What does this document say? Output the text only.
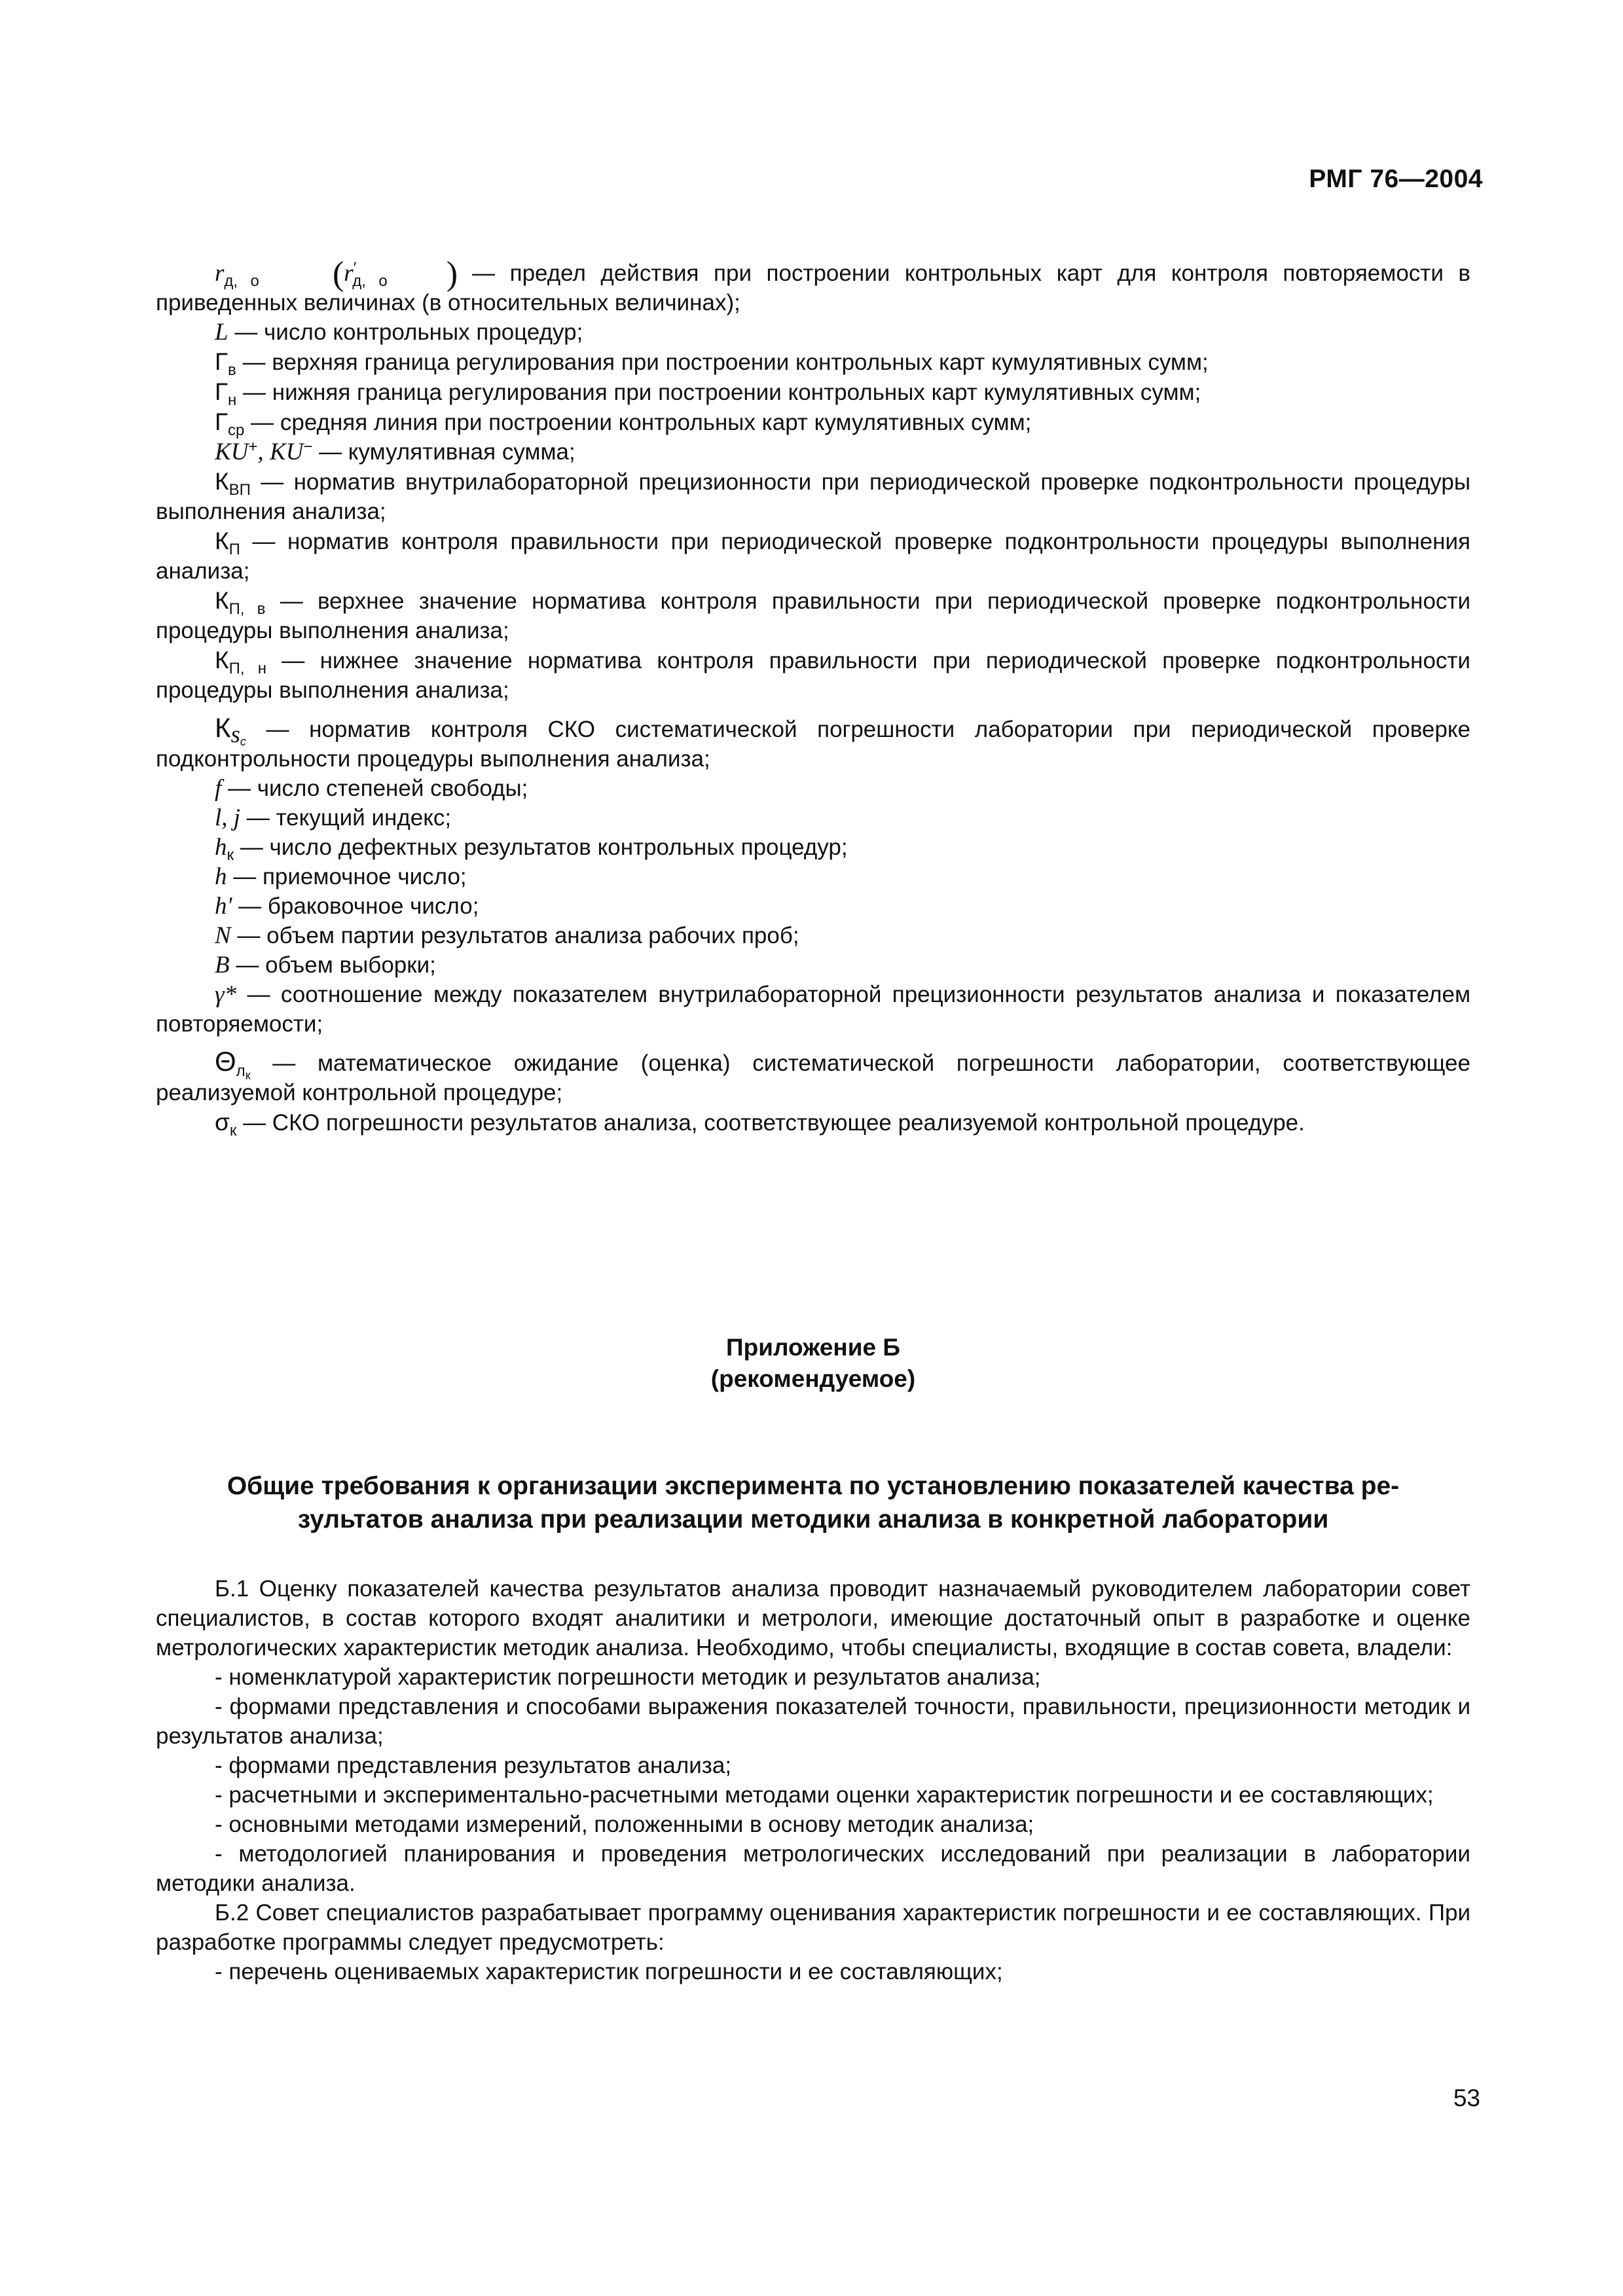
РМГ 76—2004

$r_{д, о}$ ($r'_{д, о}$ ) — предел действия при построении контрольных карт для контроля повторяемости в приведенных величинах (в относительных величинах);

L — число контрольных процедур;

$Г_в$ — верхняя граница регулирования при построении контрольных карт кумулятивных сумм;

$Г_н$ — нижняя граница регулирования при построении контрольных карт кумулятивных сумм;

$Г_{ср}$ — средняя линия при построении контрольных карт кумулятивных сумм;

KU+, KU− — кумулятивная сумма;

$К_{ВП}$ — норматив внутрилабораторной прецизионности при периодической проверке подконтрольности процедуры выполнения анализа;

$К_П$ — норматив контроля правильности при периодической проверке подконтрольности процедуры выполнения анализа;

$К_{П, в}$ — верхнее значение норматива контроля правильности при периодической проверке подконтрольности процедуры выполнения анализа;

$К_{П, н}$ — нижнее значение норматива контроля правильности при периодической проверке подконтрольности процедуры выполнения анализа;

$К_{s_c}$ — норматив контроля СКО систематической погрешности лаборатории при периодической проверке подконтрольности процедуры выполнения анализа;

f — число степеней свободы;

l, j — текущий индекс;

$h_к$ — число дефектных результатов контрольных процедур;

h — приемочное число;

h' — браковочное число;

N — объем партии результатов анализа рабочих проб;

B — объем выборки;

γ* — соотношение между показателем внутрилабораторной прецизионности результатов анализа и показателем повторяемости;

$\Theta_{л_к}$ — математическое ожидание (оценка) систематической погрешности лаборатории, соответствующее реализуемой контрольной процедуре;

$\sigma_к$ — СКО погрешности результатов анализа, соответствующее реализуемой контрольной процедуре.

Приложение Б
(рекомендуемое)
Общие требования к организации эксперимента по установлению показателей качества ре-
зультатов анализа при реализации методики анализа в конкретной лаборатории

Б.1 Оценку показателей качества результатов анализа проводит назначаемый руководителем лаборатории совет специалистов, в состав которого входят аналитики и метрологи, имеющие достаточный опыт в разработке и оценке метрологических характеристик методик анализа. Необходимо, чтобы специалисты, входящие в состав совета, владели:

- номенклатурой характеристик погрешности методик и результатов анализа;

- формами представления и способами выражения показателей точности, правильности, прецизионности методик и результатов анализа;

- формами представления результатов анализа;

- расчетными и экспериментально-расчетными методами оценки характеристик погрешности и ее составляющих;

- основными методами измерений, положенными в основу методик анализа;

- методологией планирования и проведения метрологических исследований при реализации в лаборатории методики анализа.

Б.2 Совет специалистов разрабатывает программу оценивания характеристик погрешности и ее составляющих. При разработке программы следует предусмотреть:

- перечень оцениваемых характеристик погрешности и ее составляющих;

53
